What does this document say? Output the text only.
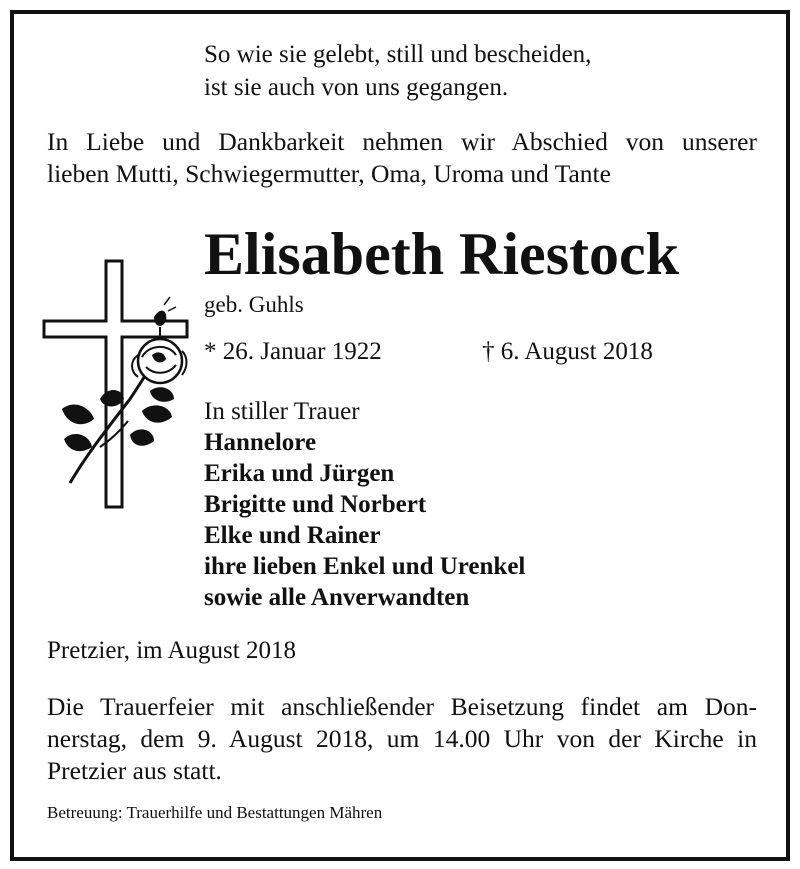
So wie sie gelebt, still und bescheiden,

ist sie auch von uns gegangen.

In Liebe und Dankbarkeit nehmen wir Abschied von unserer
lieben Mutti, Schwiegermutter, Oma, Uroma und Tante

Elisabeth Riestock

geb. Guhls

* 26. Januar 1922	† 6. August 2018

In stiller Trauer

Hannelore
Erika und Jürgen
Brigitte und Norbert
Elke und Rainer
ihre lieben Enkel und Urenkel
sowie alle Anverwandten

Pretzier, im August 2018

Die Trauerfeier mit anschließender Beisetzung findet am Don-
nerstag, dem 9. August 2018, um 14.00 Uhr von der Kirche in
Pretzier aus statt.

Betreuung: Trauerhilfe und Bestattungen Mähren
